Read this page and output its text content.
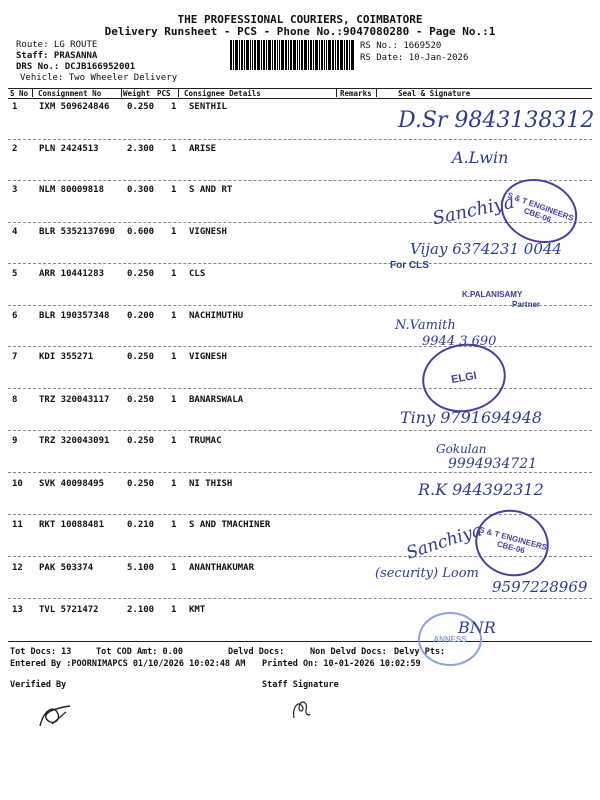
THE PROFESSIONAL COURIERS, COIMBATORE
Delivery Runsheet - PCS - Phone No.:9047080280 - Page No.:1
Route: LG ROUTE
Staff: PRASANNA
DRS No.: DCJB166952001
Vehicle: Two Wheeler Delivery
RS No.: 1669520
RS Date: 10-Jan-2026
S No Consignment No	Weight PCS Consignee Details	Remarks	Seal & Signature
1 IXM 509624846 0.250 1 SENTHIL
2 PLN 2424513	2.300 1 ARISE
3 NLM 80009818	0.300 1 S AND RT
4 BLR 5352137690 0.600 1 VIGNESH
5 ARR 10441283	0.250 1 CLS
6 BLR 190357348 0.200 1 NACHIMUTHU
7 KDI 355271	0.250 1 VIGNESH
8 TRZ 320043117 0.250 1 BANARSWALA
9 TRZ 320043091 0.250 1 TRUMAC
10 SVK 40098495	0.250 1 NI THISH
11 RKT 10088481	0.210 1 S AND TMACHINER
12 PAK 503374	5.100 1 ANANTHAKUMAR
13 TVL 5721472	2.100 1 KMT
D.Sr 9843138312
A.Lwin
Sanchiya
S & T ENGINEERS CBE-06
Vijay 6374231 0044
For CLS
K.PALANISAMY
Partner
N.Vamith
9944 3 690
ELGI
Tiny 9791694948
Gokulan
9994934721
R.K 944392312
Sanchiya
S & T ENGINEERS CBE-06
(security) Loom
9597228969
ANNESS
BNR
Tot Docs: 13	Tot COD Amt: 0.00	Delvd Docs:	Non Delvd Docs: Delvy Pts:
Entered By :POORNIMAPCS 01/10/2026 10:02:48 AM Printed On: 10-01-2026 10:02:59
Verified By	Staff Signature
